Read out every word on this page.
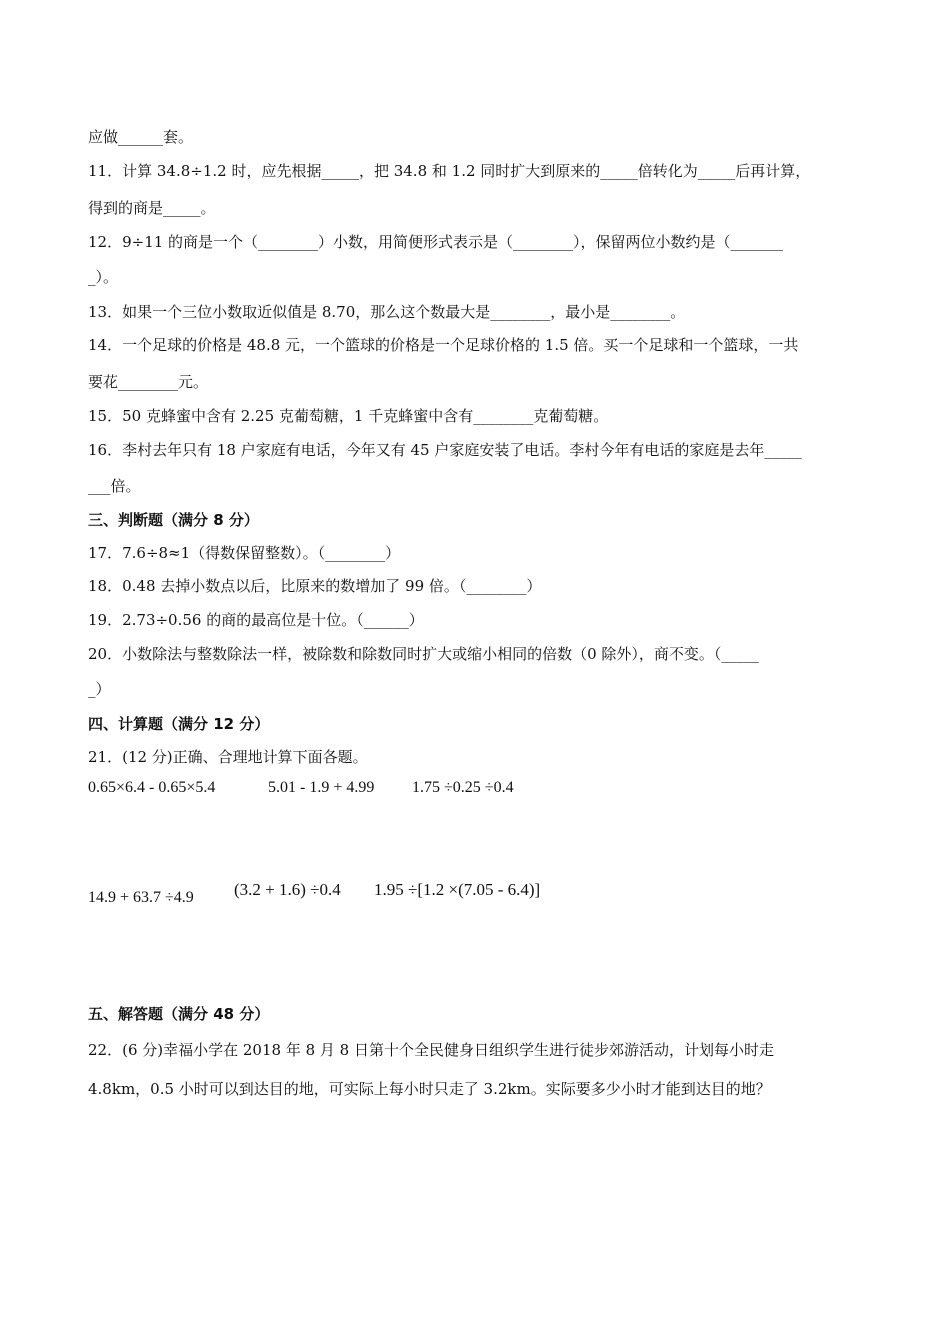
应做______套。
11．计算 34.8÷1.2 时，应先根据_____，把 34.8 和 1.2 同时扩大到原来的_____倍转化为_____后再计算，
得到的商是_____。
12．9÷11 的商是一个（________）小数，用简便形式表示是（________），保留两位小数约是（_______
_）。
13．如果一个三位小数取近似值是 8.70，那么这个数最大是________，最小是________。
14．一个足球的价格是 48.8 元，一个篮球的价格是一个足球价格的 1.5 倍。买一个足球和一个篮球，一共
要花________元。
15．50 克蜂蜜中含有 2.25 克葡萄糖，1 千克蜂蜜中含有________克葡萄糖。
16．李村去年只有 18 户家庭有电话，今年又有 45 户家庭安装了电话。李村今年有电话的家庭是去年_____
___倍。
三、判断题（满分 8 分）
17．7.6÷8≈1（得数保留整数）。（________）
18．0.48 去掉小数点以后，比原来的数增加了 99 倍。（________）
19．2.73÷0.56 的商的最高位是十位。（______）
20．小数除法与整数除法一样，被除数和除数同时扩大或缩小相同的倍数（0 除外），商不变。（_____
_）
四、计算题（满分 12 分）
21．(12 分)正确、合理地计算下面各题。
0.65×6.4 - 0.65×5.4	5.01 - 1.9 + 4.99 1.75 ÷0.25 ÷0.4
14.9 + 63.7 ÷4.9 (3.2 + 1.6) ÷0.4 1.95 ÷[1.2 ×(7.05 - 6.4)]
五、解答题（满分 48 分）
22．(6 分)幸福小学在 2018 年 8 月 8 日第十个全民健身日组织学生进行徒步郊游活动，计划每小时走
4.8km，0.5 小时可以到达目的地，可实际上每小时只走了 3.2km。实际要多少小时才能到达目的地？
